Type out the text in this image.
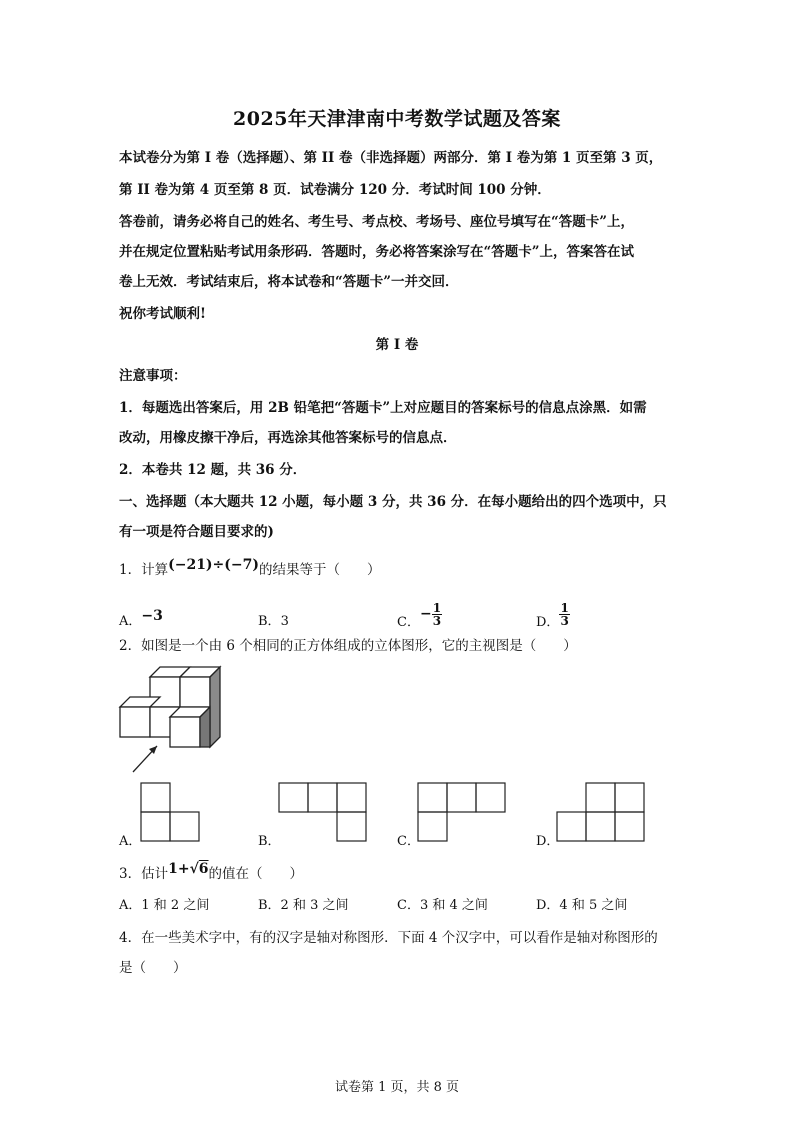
2025年天津津南中考数学试题及答案
本试卷分为第 I 卷（选择题）、第 II 卷（非选择题）两部分．第 I 卷为第 1 页至第 3 页，
第 II 卷为第 4 页至第 8 页．试卷满分 120 分．考试时间 100 分钟．
答卷前，请务必将自己的姓名、考生号、考点校、考场号、座位号填写在“答题卡”上，
并在规定位置粘贴考试用条形码．答题时，务必将答案涂写在“答题卡”上，答案答在试
卷上无效．考试结束后，将本试卷和“答题卡”一并交回．
祝你考试顺利!
第 I 卷
注意事项：
1．每题选出答案后，用 2B 铅笔把“答题卡”上对应题目的答案标号的信息点涂黑．如需
改动，用橡皮擦干净后，再选涂其他答案标号的信息点．
2．本卷共 12 题，共 36 分．
一、选择题（本大题共 12 小题，每小题 3 分，共 36 分．在每小题给出的四个选项中，只
有一项是符合题目要求的)
1．计算(−21)÷(−7)的结果等于（　　）
A．−3	B．3	C．− $\frac{1}{3}$	D． $\frac{1}{3}$
2．如图是一个由 6 个相同的正方体组成的立体图形，它的主视图是（　　）
A．	B．	C．	D．
3．估计1+√6的值在（　　）
A．1 和 2 之间	B．2 和 3 之间	C．3 和 4 之间	D．4 和 5 之间
4．在一些美术字中，有的汉字是轴对称图形．下面 4 个汉字中，可以看作是轴对称图形的
是（　　）
试卷第 1 页，共 8 页
